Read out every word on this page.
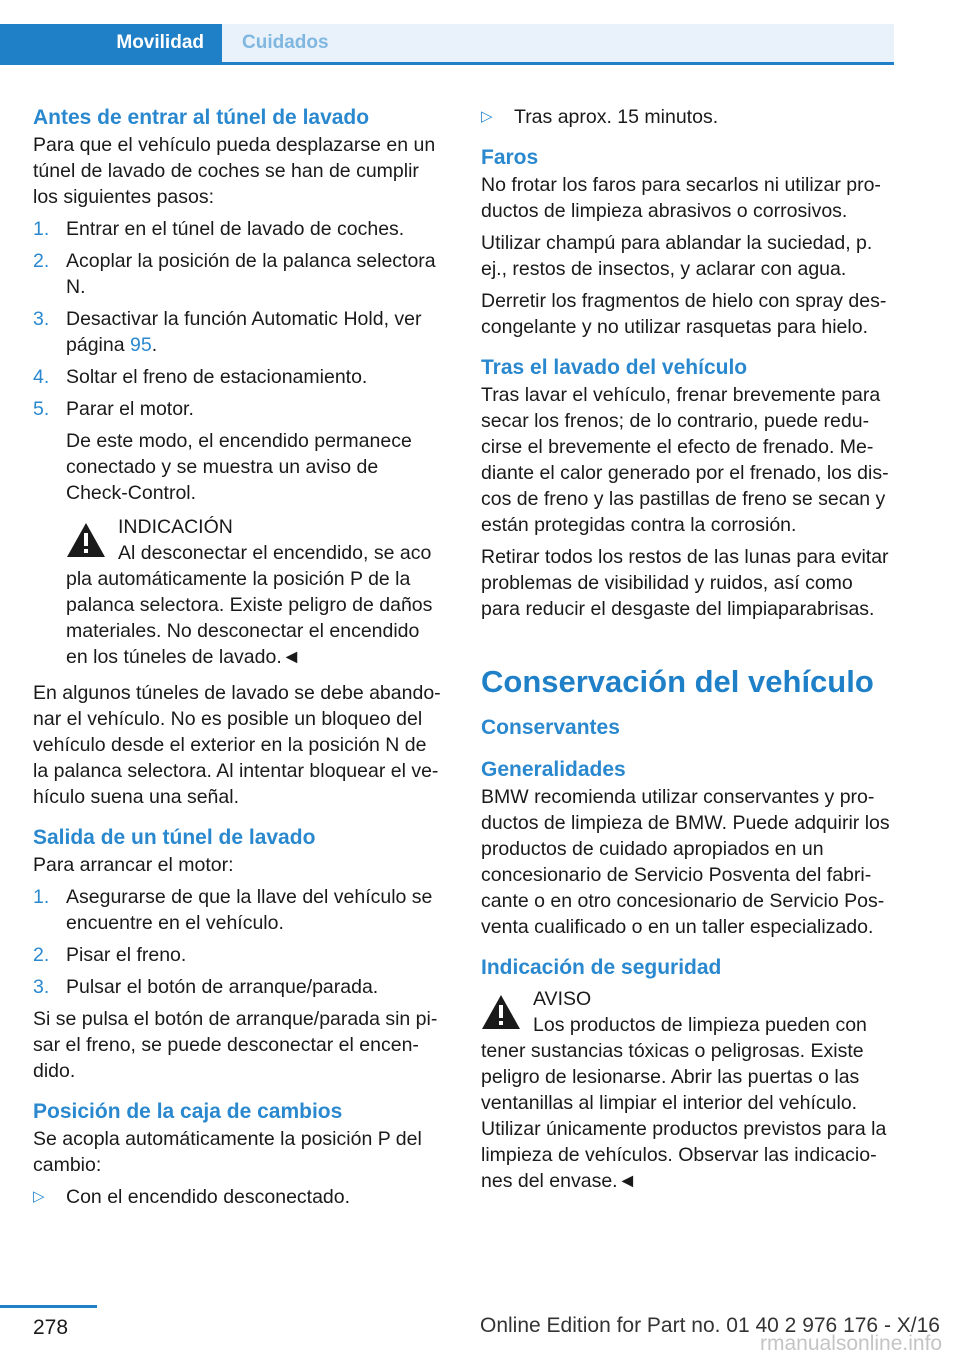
Movilidad	Cuidados
Antes de entrar al túnel de lavado

Para que el vehículo pueda desplazarse en un túnel de lavado de coches se han de cumplir los siguientes pasos:

1. Entrar en el túnel de lavado de coches.
2. Acoplar la posición de la palanca selectora N.
3. Desactivar la función Automatic Hold, ver página 95.
4. Soltar el freno de estacionamiento.
5. Parar el motor.
De este modo, el encendido permanece conectado y se muestra un aviso de Check-Control.
INDICACIÓN
Al desconectar el encendido, se aco
pla automáticamente la posición P de la palanca selectora. Existe peligro de daños materiales. No desconectar el encendido en los túneles de lavado.◄

En algunos túneles de lavado se debe abandonar el vehículo. No es posible un bloqueo del vehículo desde el exterior en la posición N de la palanca selectora. Al intentar bloquear el vehículo suena una señal.

Salida de un túnel de lavado

Para arrancar el motor:

1. Asegurarse de que la llave del vehículo se encuentre en el vehículo.
2. Pisar el freno.
3. Pulsar el botón de arranque/parada.

Si se pulsa el botón de arranque/parada sin pisar el freno, se puede desconectar el encendido.

Posición de la caja de cambios

Se acopla automáticamente la posición P del cambio:

▷ Con el encendido desconectado.
▷ Tras aprox. 15 minutos.
Faros

No frotar los faros para secarlos ni utilizar productos de limpieza abrasivos o corrosivos.

Utilizar champú para ablandar la suciedad, p. ej., restos de insectos, y aclarar con agua.

Derretir los fragmentos de hielo con spray descongelante y no utilizar rasquetas para hielo.

Tras el lavado del vehículo

Tras lavar el vehículo, frenar brevemente para secar los frenos; de lo contrario, puede reducirse el brevemente el efecto de frenado. Mediante el calor generado por el frenado, los discos de freno y las pastillas de freno se secan y están protegidas contra la corrosión.

Retirar todos los restos de las lunas para evitar problemas de visibilidad y ruidos, así como para reducir el desgaste del limpiaparabrisas.

Conservación del vehículo
Conservantes
Generalidades

BMW recomienda utilizar conservantes y productos de limpieza de BMW. Puede adquirir los productos de cuidado apropiados en un concesionario de Servicio Posventa del fabricante o en otro concesionario de Servicio Posventa cualificado o en un taller especializado.

Indicación de seguridad
AVISO
Los productos de limpieza pueden con
tener sustancias tóxicas o peligrosas. Existe peligro de lesionarse. Abrir las puertas o las ventanillas al limpiar el interior del vehículo. Utilizar únicamente productos previstos para la limpieza de vehículos. Observar las indicaciones del envase.◄
278	Online Edition for Part no. 01 40 2 976 176 - X/16
rmanualsonline.info
